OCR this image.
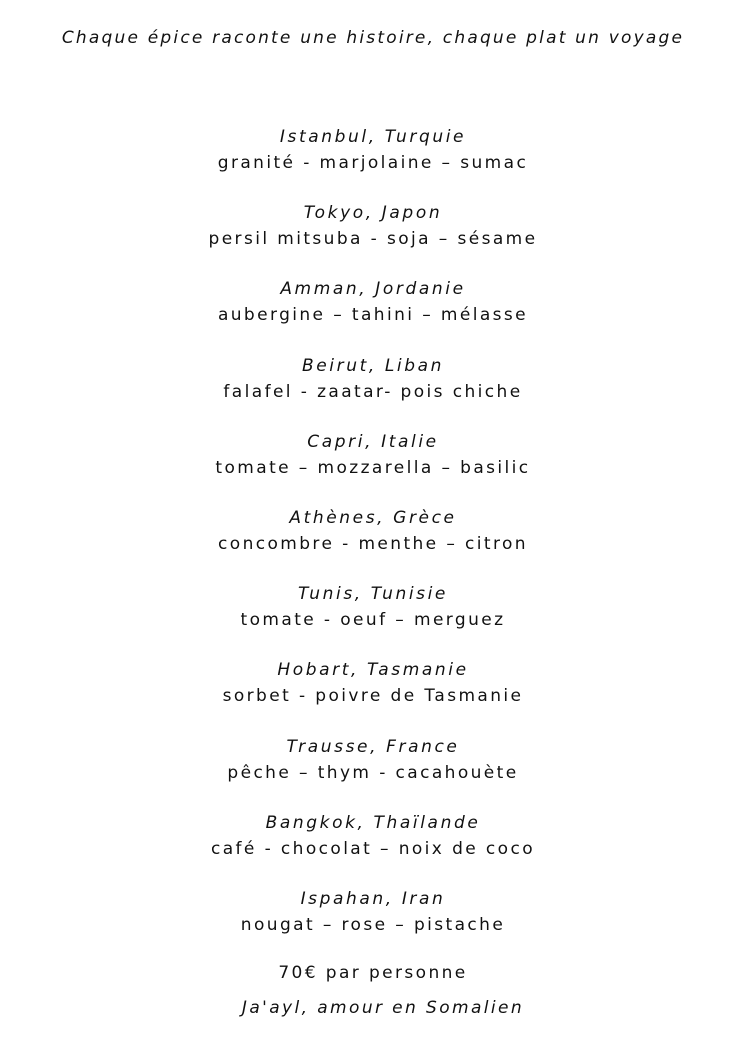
Chaque épice raconte une histoire, chaque plat un voyage
Istanbul, Turquie
granité - marjolaine – sumac
Tokyo, Japon
persil mitsuba - soja – sésame
Amman, Jordanie
aubergine – tahini – mélasse
Beirut, Liban
falafel - zaatar- pois chiche
Capri, Italie
tomate – mozzarella – basilic
Athènes, Grèce
concombre - menthe – citron
Tunis, Tunisie
tomate - oeuf – merguez
Hobart, Tasmanie
sorbet - poivre de Tasmanie
Trausse, France
pêche – thym - cacahouète
Bangkok, Thaïlande
café - chocolat – noix de coco
Ispahan, Iran
nougat – rose – pistache
70€ par personne
Ja'ayl, amour en Somalien
